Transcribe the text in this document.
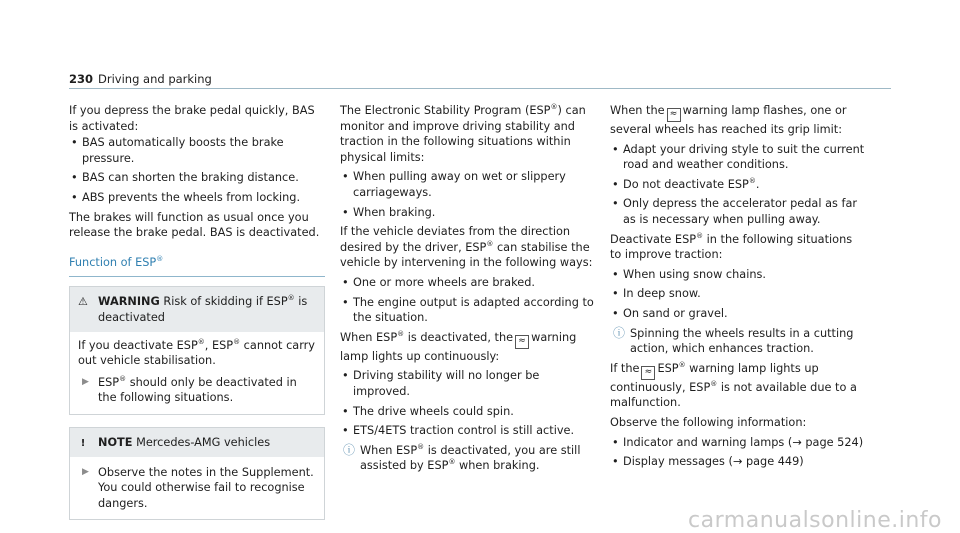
230 Driving and parking

If you depress the brake pedal quickly, BAS is activated:

• BAS automatically boosts the brake pressure.
• BAS can shorten the braking distance.
• ABS prevents the wheels from locking.

The brakes will function as usual once you release the brake pedal. BAS is deactivated.

Function of ESP®
⚠ WARNING Risk of skidding if ESP® is deactivated

If you deactivate ESP®, ESP® cannot carry out vehicle stabilisation.

▶ ESP® should only be deactivated in the following situations.
!	NOTE Mercedes-AMG vehicles
▶ Observe the notes in the Supplement. You could otherwise fail to recognise dangers.

The Electronic Stability Program (ESP®) can monitor and improve driving stability and traction in the following situations within physical limits:

• When pulling away on wet or slippery carriageways.
• When braking.

If the vehicle deviates from the direction desired by the driver, ESP® can stabilise the vehicle by intervening in the following ways:

• One or more wheels are braked.
• The engine output is adapted according to the situation.

When ESP® is deactivated, the ≈ warning lamp lights up continuously:

• Driving stability will no longer be improved.
• The drive wheels could spin.
• ETS/4ETS traction control is still active.
ⓘ When ESP® is deactivated, you are still assisted by ESP® when braking.

When the ≈ warning lamp flashes, one or several wheels has reached its grip limit:

• Adapt your driving style to suit the current road and weather conditions.
• Do not deactivate ESP®.
• Only depress the accelerator pedal as far as is necessary when pulling away.

Deactivate ESP® in the following situations to improve traction:

• When using snow chains.
• In deep snow.
• On sand or gravel.
ⓘ Spinning the wheels results in a cutting action, which enhances traction.

If the ≈ ESP® warning lamp lights up continuously, ESP® is not available due to a malfunction.

Observe the following information:

• Indicator and warning lamps (→ page 524)
• Display messages (→ page 449)
carmanualsonline.info
